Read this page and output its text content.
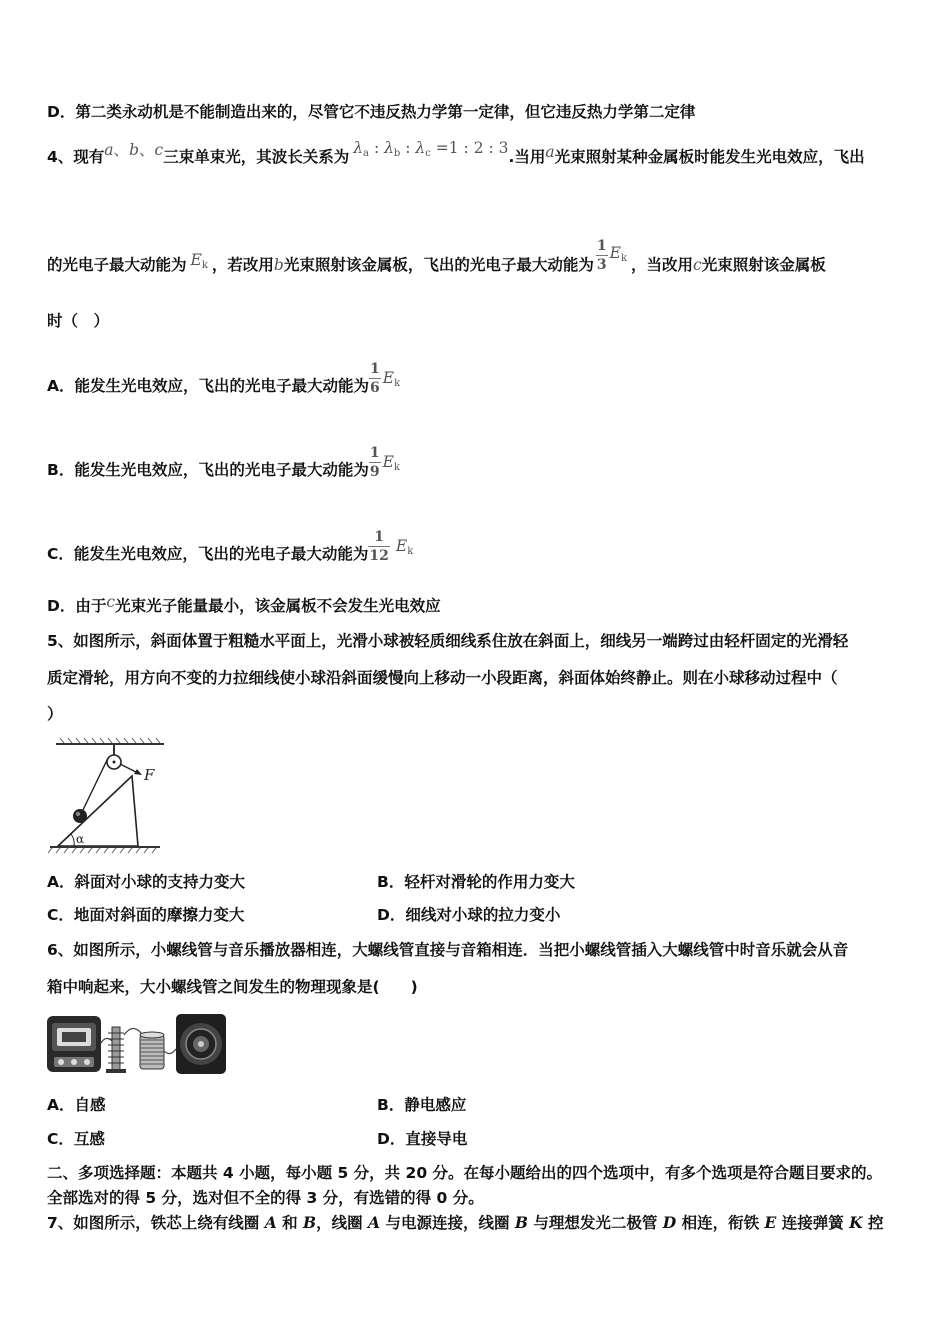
D．第二类永动机是不能制造出来的，尽管它不违反热力学第一定律，但它违反热力学第二定律
4、现有a、b、c三束单束光，其波长关系为 $\lambda_a$ : $\lambda_b$ : $\lambda_c =1$ : 2 : 3.当用a光束照射某种金属板时能发生光电效应，飞出
的光电子最大动能为 $E_k$ ，若改用b光束照射该金属板，飞出的光电子最大动能为 $\frac{1}{3} E_k$ ，当改用c光束照射该金属板
时（　）
A．能发生光电效应，飞出的光电子最大动能为 $\frac{1}{6} E_k$
B．能发生光电效应，飞出的光电子最大动能为 $\frac{1}{9} E_k$
C．能发生光电效应，飞出的光电子最大动能为 $\frac{1}{12} E_k$
D．由于c光束光子能量最小，该金属板不会发生光电效应
5、如图所示，斜面体置于粗糙水平面上，光滑小球被轻质细线系住放在斜面上，细线另一端跨过由轻杆固定的光滑轻
质定滑轮，用方向不变的力拉细线使小球沿斜面缓慢向上移动一小段距离，斜面体始终静止。则在小球移动过程中（
）
F
α
A．斜面对小球的支持力变大	B．轻杆对滑轮的作用力变大
C．地面对斜面的摩擦力变大	D．细线对小球的拉力变小
6、如图所示，小螺线管与音乐播放器相连，大螺线管直接与音箱相连．当把小螺线管插入大螺线管中时音乐就会从音
箱中响起来，大小螺线管之间发生的物理现象是(　　)
A．自感	B．静电感应
C．互感	D．直接导电
二、多项选择题：本题共 4 小题，每小题 5 分，共 20 分。在每小题给出的四个选项中，有多个选项是符合题目要求的。
全部选对的得 5 分，选对但不全的得 3 分，有选错的得 0 分。
7、如图所示，铁芯上绕有线圈 A 和 B，线圈 A 与电源连接，线圈 B 与理想发光二极管 D 相连，衔铁 E 连接弹簧 K 控
